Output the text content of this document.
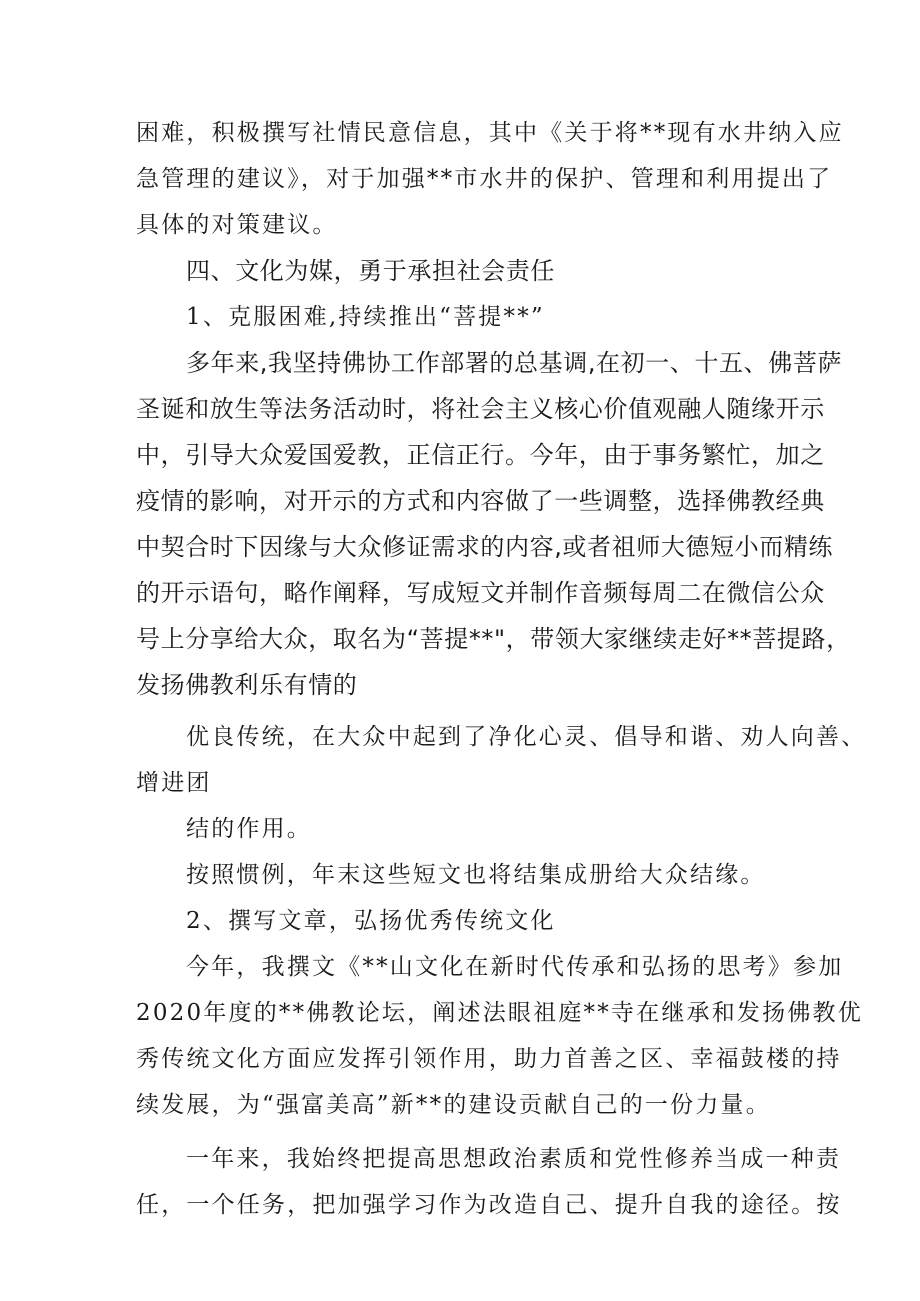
困难，积极撰写社情民意信息，其中《关于将**现有水井纳入应
急管理的建议》，对于加强**市水井的保护、管理和利用提出了
具体的对策建议。
四、文化为媒，勇于承担社会责任
1、克服困难,持续推出“菩提**”
多年来,我坚持佛协工作部署的总基调,在初一、十五、佛菩萨
圣诞和放生等法务活动时，将社会主义核心价值观融人随缘开示
中，引导大众爱国爱教，正信正行。今年，由于事务繁忙，加之
疫情的影响，对开示的方式和内容做了一些调整，选择佛教经典
中契合时下因缘与大众修证需求的内容,或者祖师大德短小而精练
的开示语句，略作阐释，写成短文并制作音频每周二在微信公众
号上分享给大众，取名为“菩提**"，带领大家继续走好**菩提路，
发扬佛教利乐有情的
优良传统，在大众中起到了净化心灵、倡导和谐、劝人向善、
增进团
结的作用。
按照惯例，年末这些短文也将结集成册给大众结缘。
2、撰写文章，弘扬优秀传统文化
今年，我撰文《**山文化在新时代传承和弘扬的思考》参加
2020年度的**佛教论坛，阐述法眼祖庭**寺在继承和发扬佛教优
秀传统文化方面应发挥引领作用，助力首善之区、幸福鼓楼的持
续发展，为“强富美高”新**的建设贡献自己的一份力量。
一年来，我始终把提高思想政治素质和党性修养当成一种责
任，一个任务，把加强学习作为改造自己、提升自我的途径。按
